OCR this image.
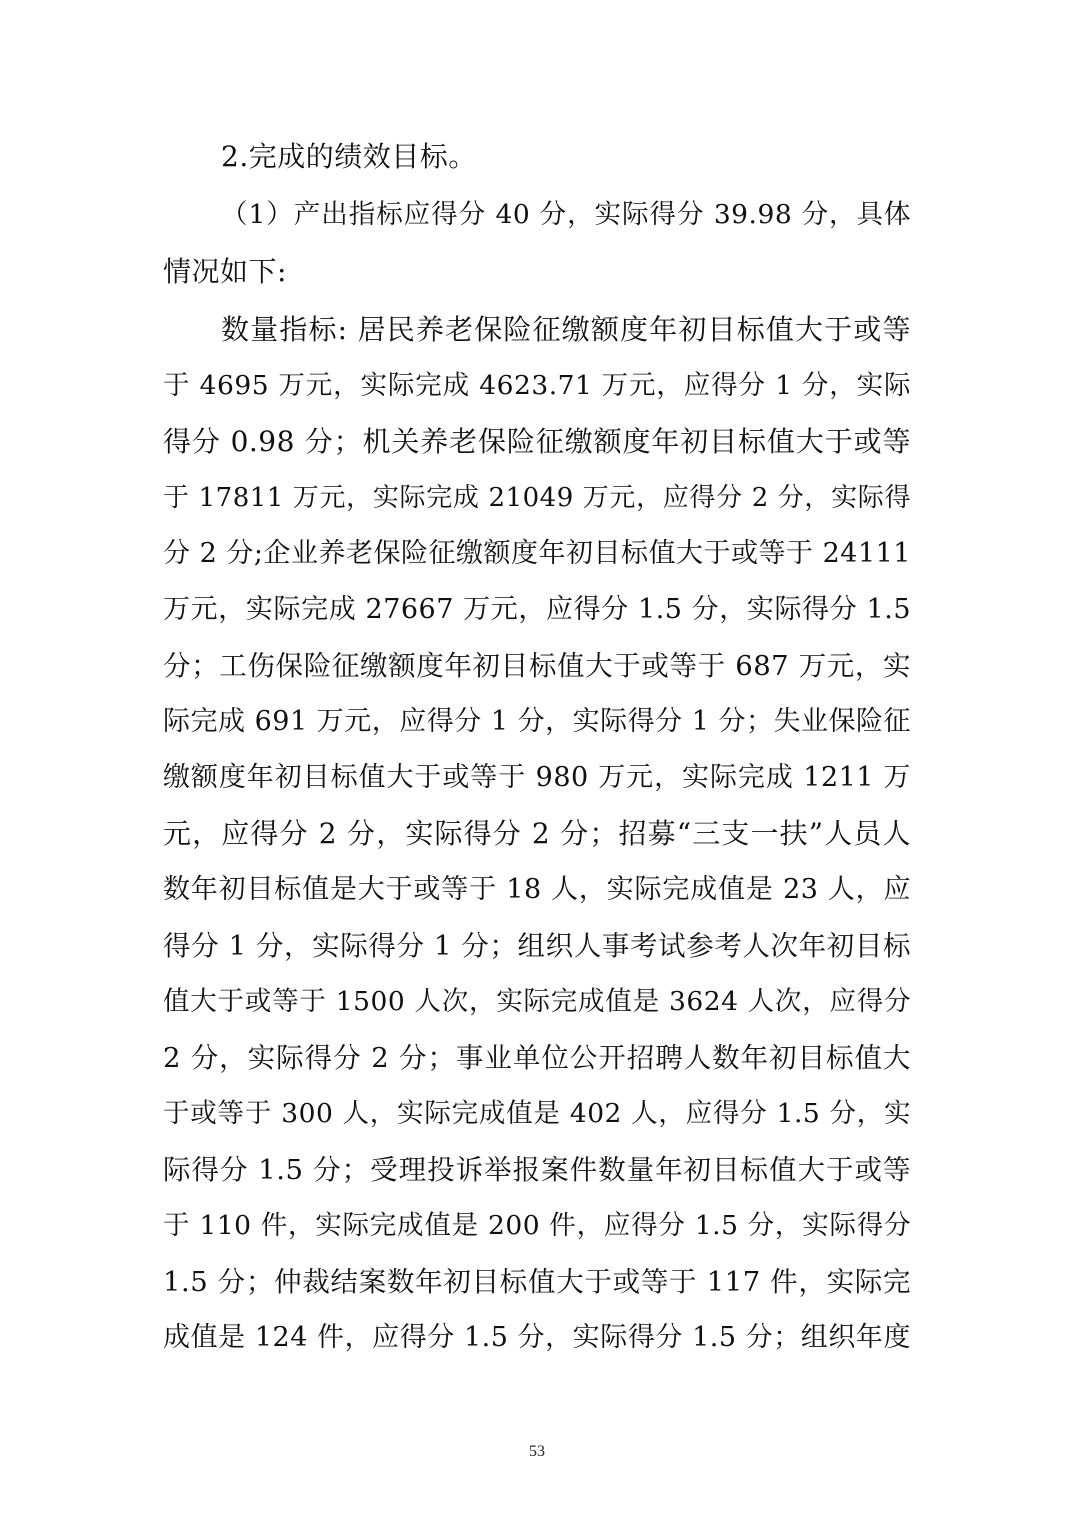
2.完成的绩效目标。
（1）产出指标应得分 40 分，实际得分 39.98 分，具体
情况如下:
数量指标: 居民养老保险征缴额度年初目标值大于或等
于 4695 万元，实际完成 4623.71 万元，应得分 1 分，实际
得分 0.98 分；机关养老保险征缴额度年初目标值大于或等
于 17811 万元，实际完成 21049 万元，应得分 2 分，实际得
分 2 分;企业养老保险征缴额度年初目标值大于或等于 24111
万元，实际完成 27667 万元，应得分 1.5 分，实际得分 1.5
分；工伤保险征缴额度年初目标值大于或等于 687 万元，实
际完成 691 万元，应得分 1 分，实际得分 1 分；失业保险征
缴额度年初目标值大于或等于 980 万元，实际完成 1211 万
元，应得分 2 分，实际得分 2 分；招募“三支一扶”人员人
数年初目标值是大于或等于 18 人，实际完成值是 23 人，应
得分 1 分，实际得分 1 分；组织人事考试参考人次年初目标
值大于或等于 1500 人次，实际完成值是 3624 人次，应得分
2 分，实际得分 2 分；事业单位公开招聘人数年初目标值大
于或等于 300 人，实际完成值是 402 人，应得分 1.5 分，实
际得分 1.5 分；受理投诉举报案件数量年初目标值大于或等
于 110 件，实际完成值是 200 件，应得分 1.5 分，实际得分
1.5 分；仲裁结案数年初目标值大于或等于 117 件，实际完
成值是 124 件，应得分 1.5 分，实际得分 1.5 分；组织年度
53
